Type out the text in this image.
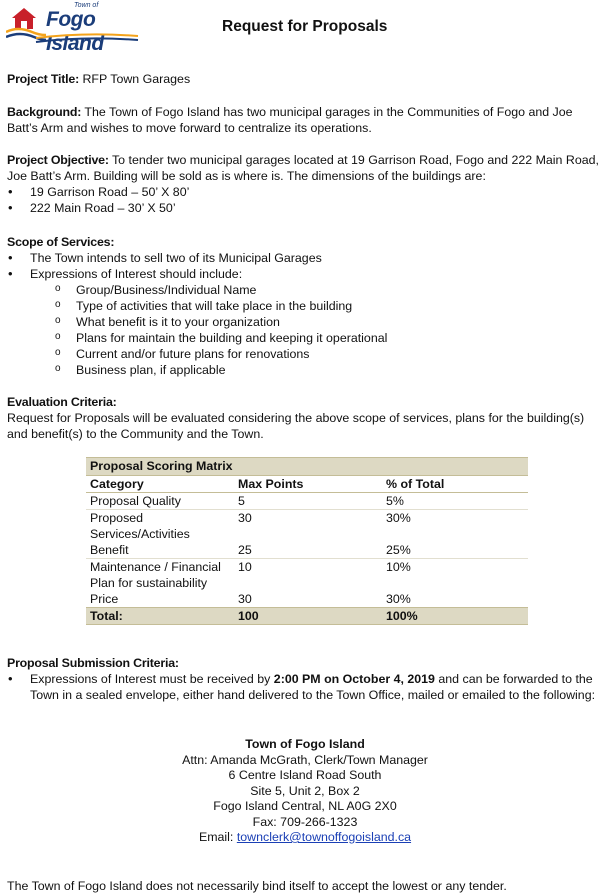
Town of
Fogo Island
Request for Proposals

Project Title: RFP Town Garages

Background: The Town of Fogo Island has two municipal garages in the Communities of Fogo and Joe Batt’s Arm and wishes to move forward to centralize its operations.

Project Objective: To tender two municipal garages located at 19 Garrison Road, Fogo and 222 Main Road, Joe Batt’s Arm. Building will be sold as is where is. The dimensions of the buildings are:

• 19 Garrison Road – 50’ X 80’
• 222 Main Road – 30’ X 50’

Scope of Services:

• The Town intends to sell two of its Municipal Garages
• Expressions of Interest should include:
o Group/Business/Individual Name
o Type of activities that will take place in the building
o What benefit is it to your organization
o Plans for maintain the building and keeping it operational
o Current and/or future plans for renovations
o Business plan, if applicable

Evaluation Criteria:

Request for Proposals will be evaluated considering the above scope of services, plans for the building(s) and benefit(s) to the Community and the Town.

Proposal Scoring Matrix		
Category	Max Points	% of Total
Proposal Quality	5	5%
Proposed Services/Activities	30	30%
Benefit	25	25%
Maintenance / Financial Plan for sustainability	10	10%
Price	30	30%
Total:	100	100%

Proposal Submission Criteria:

• Expressions of Interest must be received by 2:00 PM on October 4, 2019 and can be forwarded to the Town in a sealed envelope, either hand delivered to the Town Office, mailed or emailed to the following:
Town of Fogo Island
Attn: Amanda McGrath, Clerk/Town Manager
6 Centre Island Road South
Site 5, Unit 2, Box 2
Fogo Island Central, NL A0G 2X0
Fax: 709-266-1323
Email: townclerk@townoffogoisland.ca

The Town of Fogo Island does not necessarily bind itself to accept the lowest or any tender.
